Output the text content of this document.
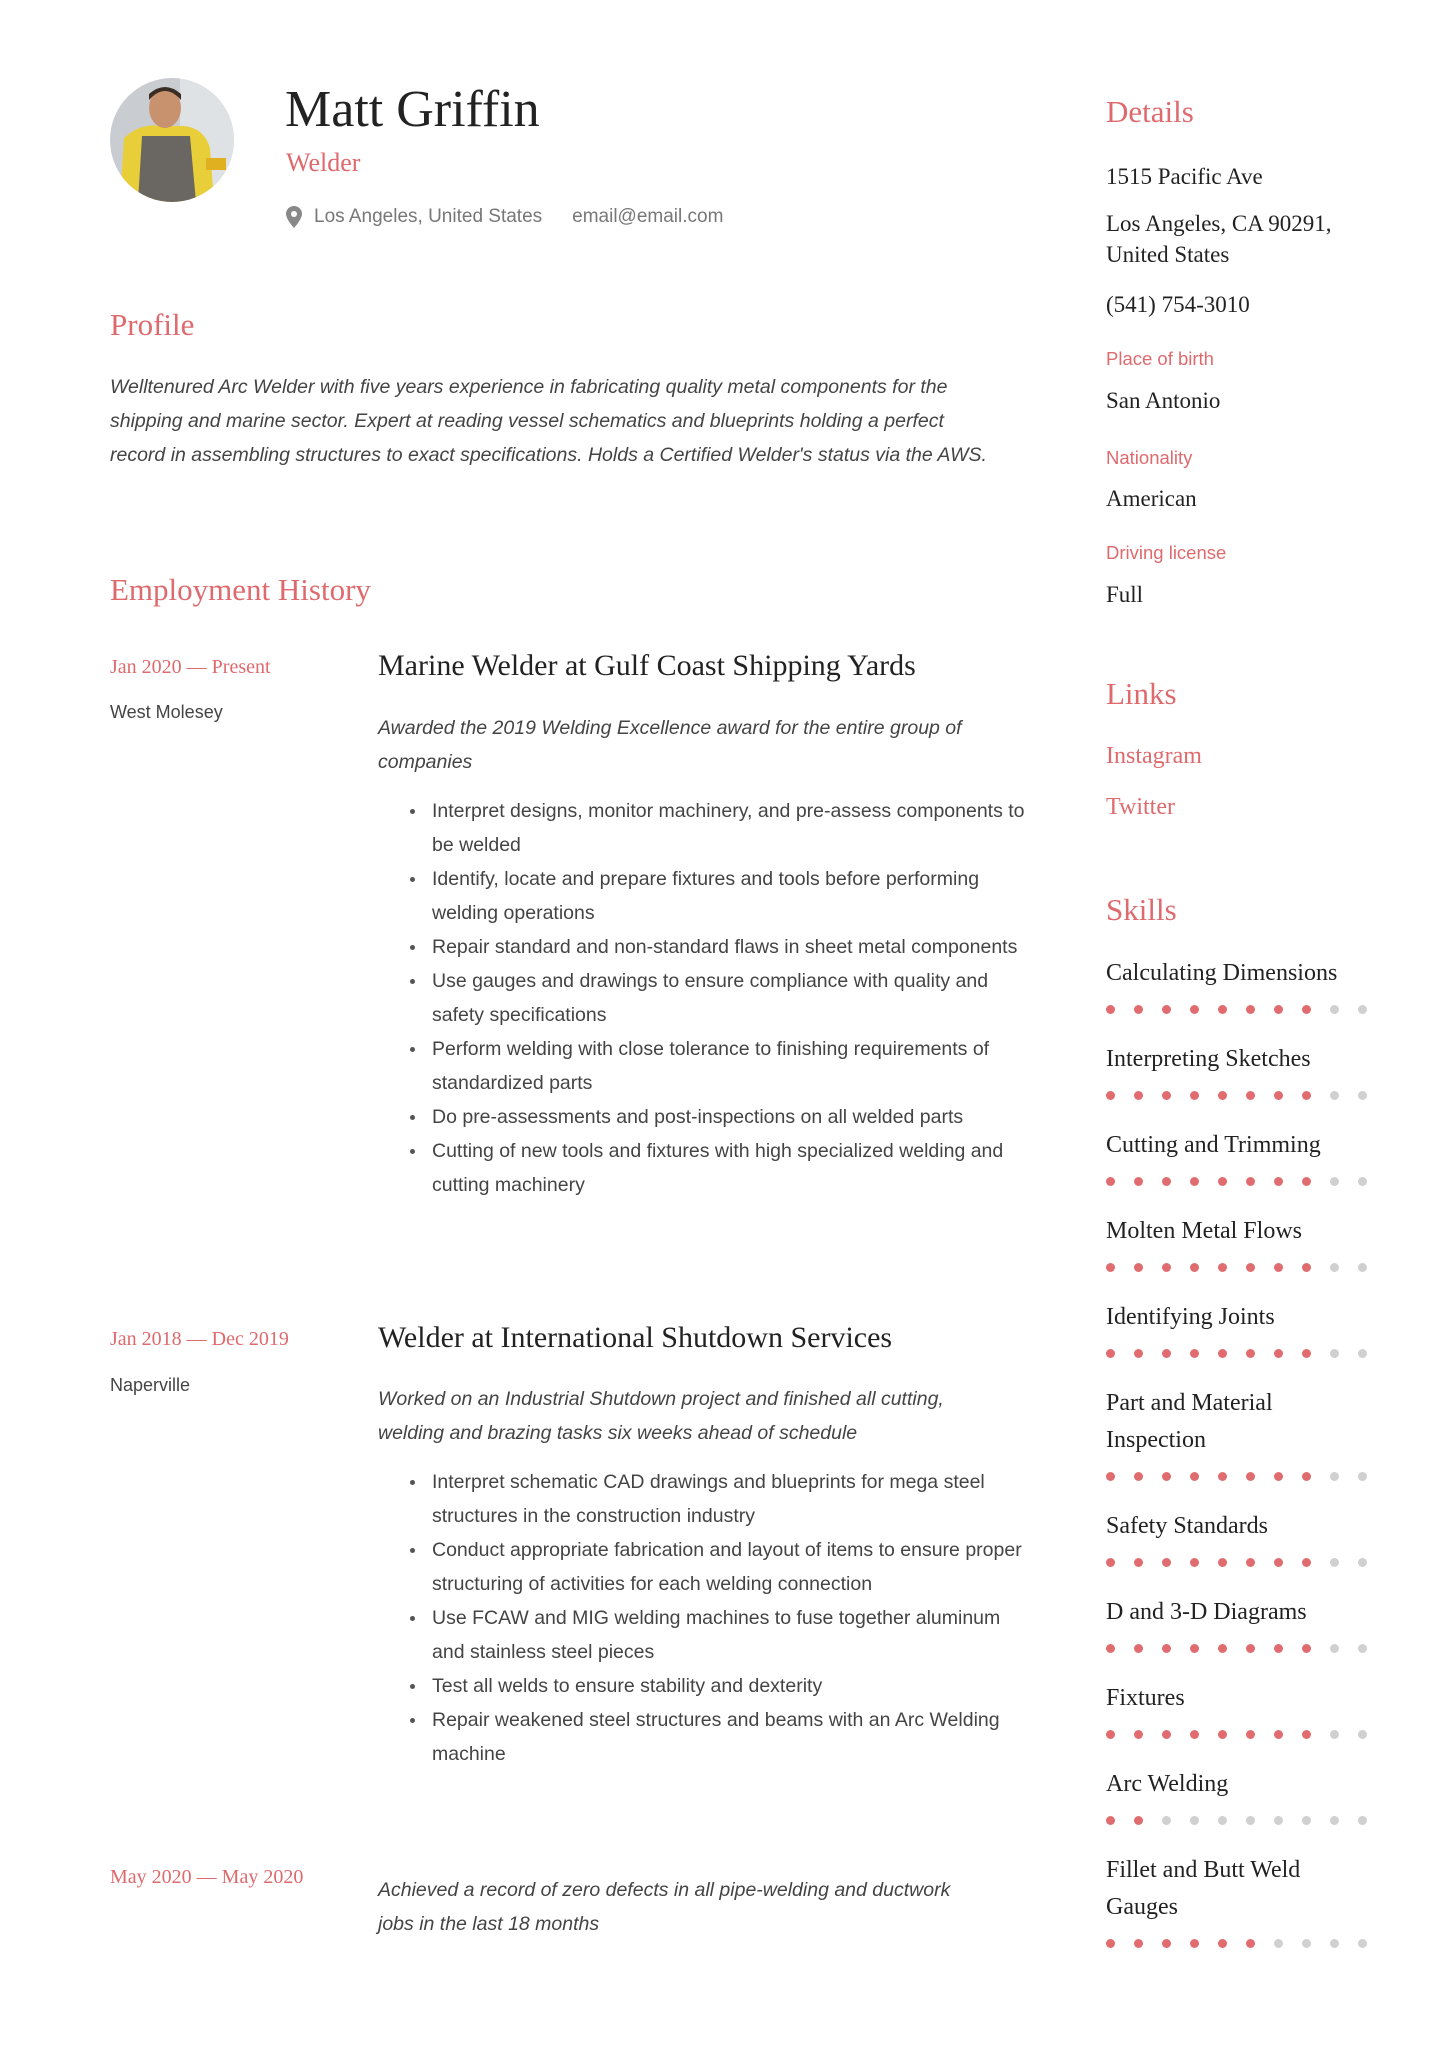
Matt Griffin
Welder
Los Angeles, United States email@email.com
Profile
Welltenured Arc Welder with five years experience in fabricating quality metal components for the shipping and marine sector. Expert at reading vessel schematics and blueprints holding a perfect record in assembling structures to exact specifications. Holds a Certified Welder's status via the AWS.
Employment History
Jan 2020 — Present
West Molesey
Marine Welder at Gulf Coast Shipping Yards
Awarded the 2019 Welding Excellence award for the entire group of companies
Interpret designs, monitor machinery, and pre-assess components to be welded
Identify, locate and prepare fixtures and tools before performing welding operations
Repair standard and non-standard flaws in sheet metal components
Use gauges and drawings to ensure compliance with quality and safety specifications
Perform welding with close tolerance to finishing requirements of standardized parts
Do pre-assessments and post-inspections on all welded parts
Cutting of new tools and fixtures with high specialized welding and cutting machinery
Jan 2018 — Dec 2019
Naperville
Welder at International Shutdown Services
Worked on an Industrial Shutdown project and finished all cutting, welding and brazing tasks six weeks ahead of schedule
Interpret schematic CAD drawings and blueprints for mega steel structures in the construction industry
Conduct appropriate fabrication and layout of items to ensure proper structuring of activities for each welding connection
Use FCAW and MIG welding machines to fuse together aluminum and stainless steel pieces
Test all welds to ensure stability and dexterity
Repair weakened steel structures and beams with an Arc Welding machine
May 2020 — May 2020
Achieved a record of zero defects in all pipe-welding and ductwork jobs in the last 18 months
Details
1515 Pacific Ave
Los Angeles, CA 90291,
United States
(541) 754-3010
Place of birth
San Antonio
Nationality
American
Driving license
Full
Links
Instagram
Twitter
Skills
Calculating Dimensions
Interpreting Sketches
Cutting and Trimming
Molten Metal Flows
Identifying Joints
Part and Material Inspection
Safety Standards
D and 3-D Diagrams
Fixtures
Arc Welding
Fillet and Butt Weld Gauges
